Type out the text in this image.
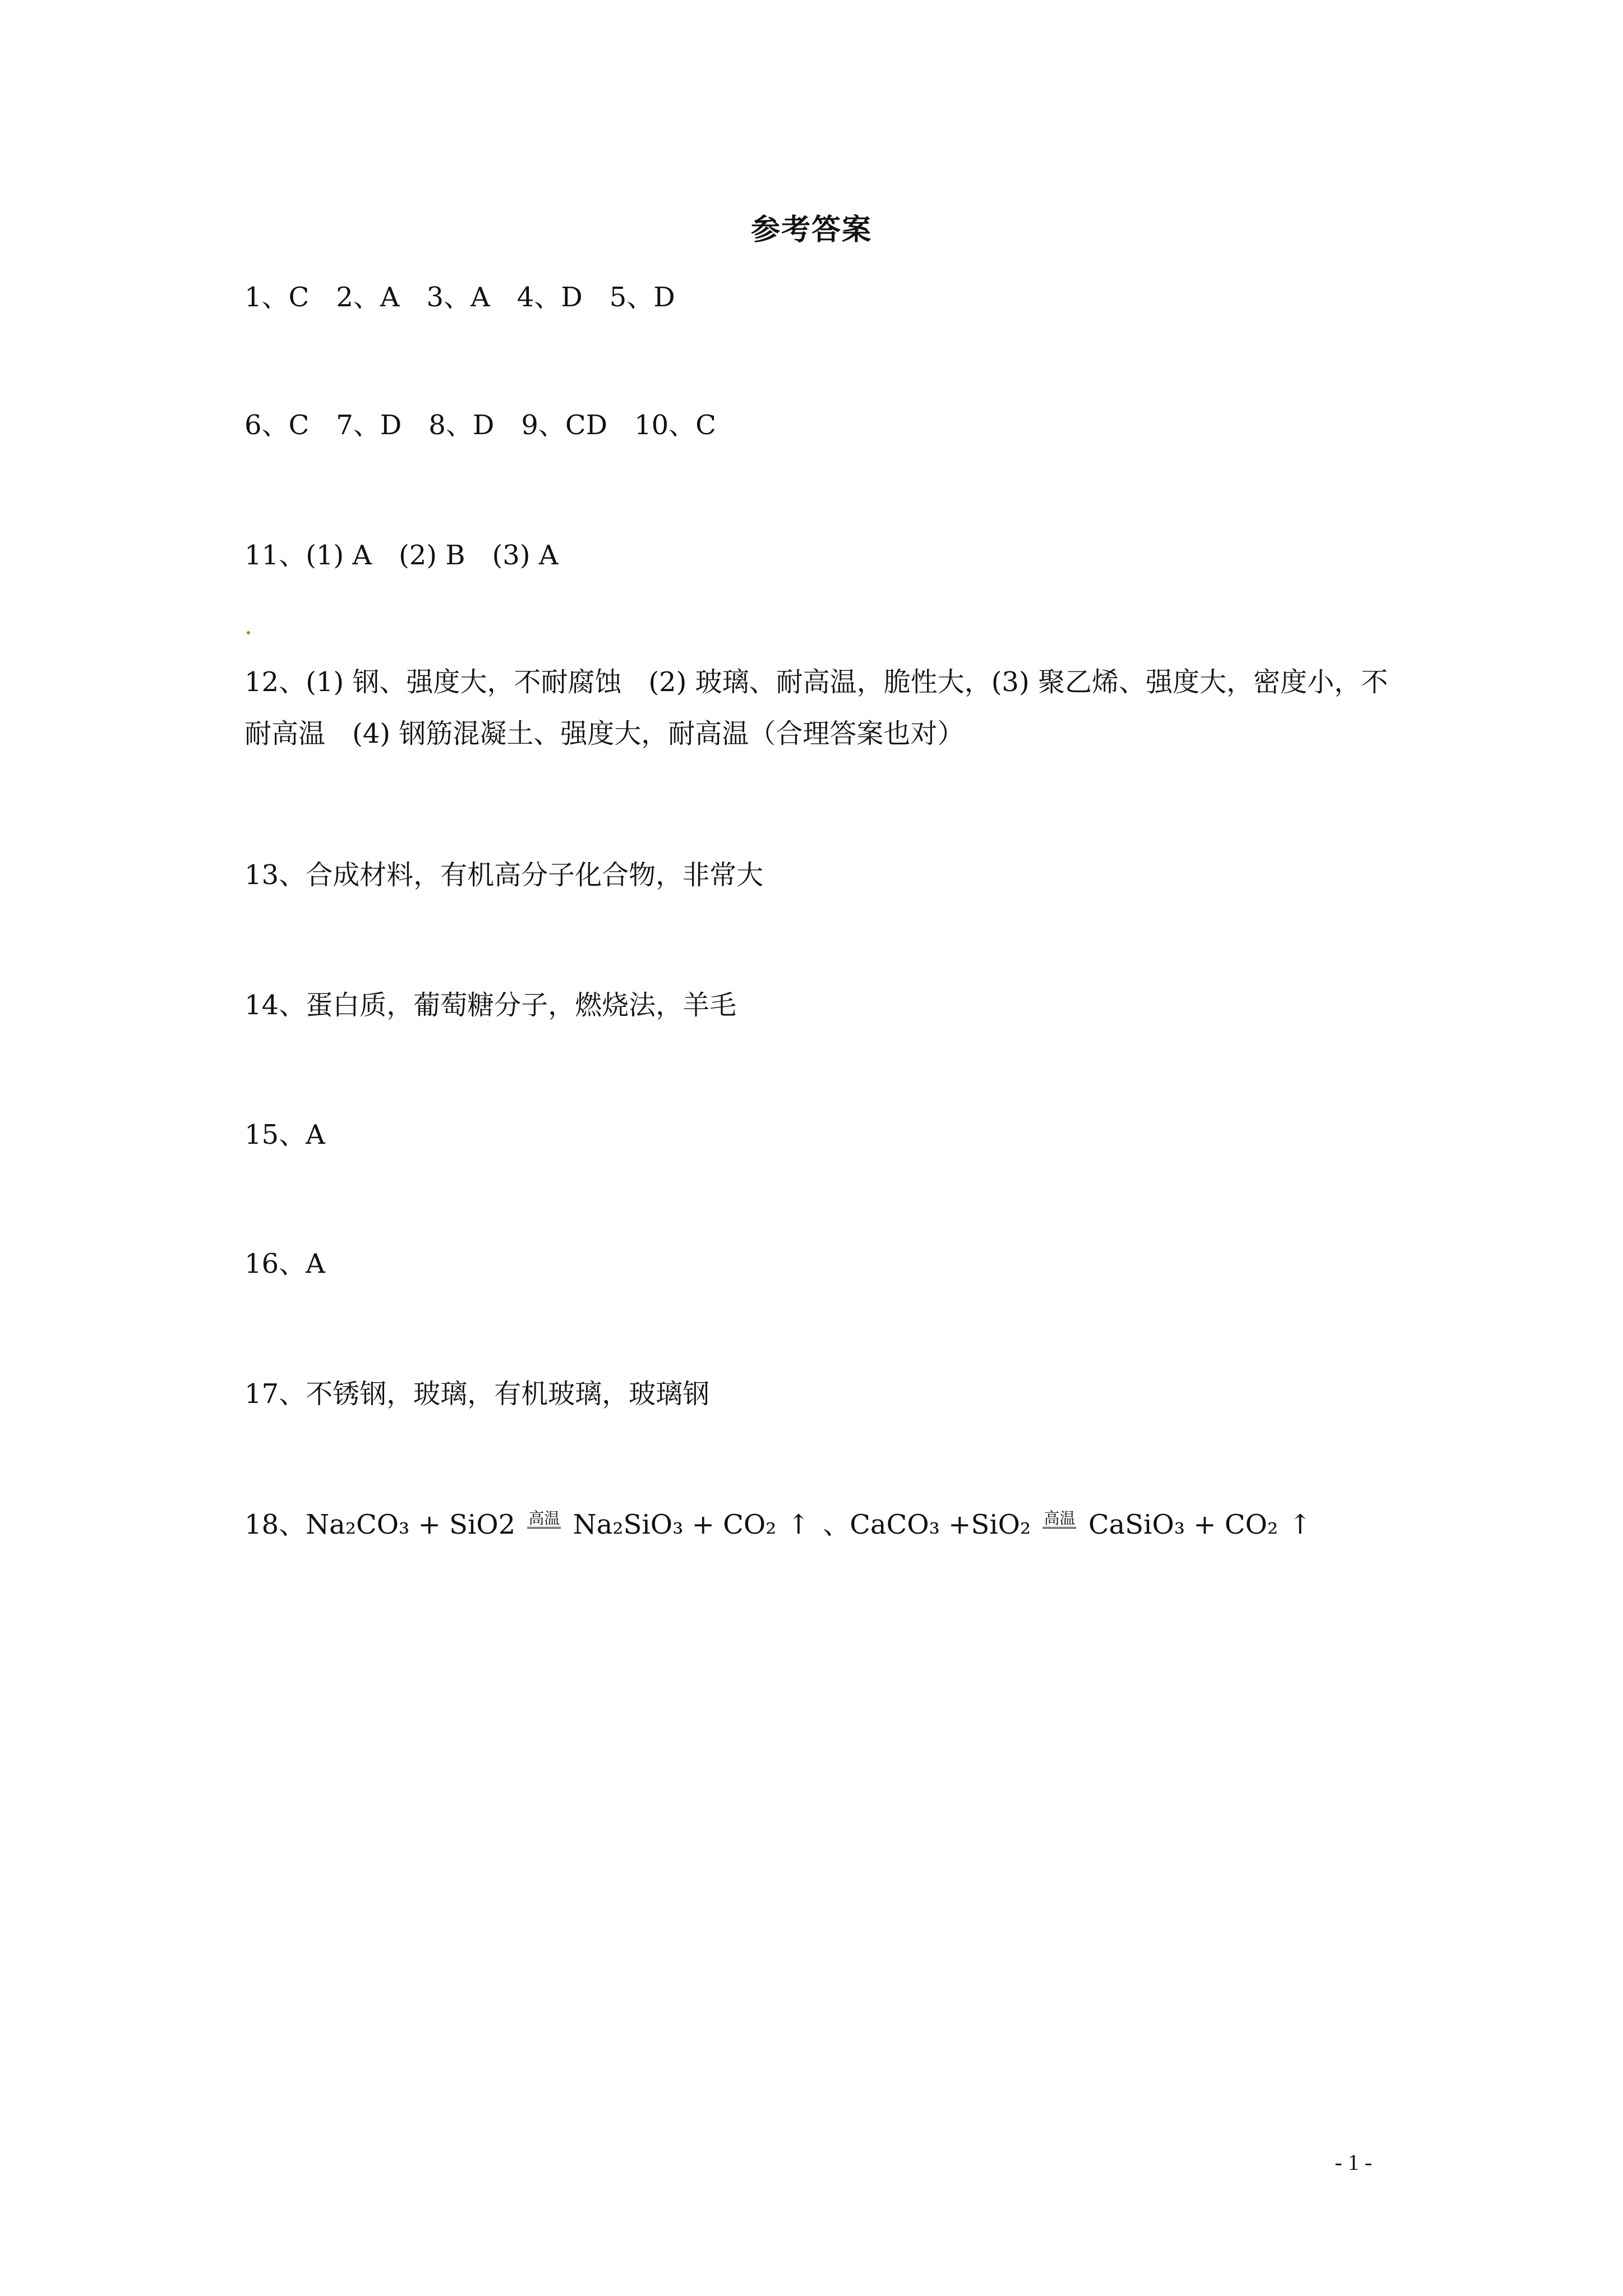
参考答案
1、C　2、A　3、A　4、D　5、D
6、C　7、D　8、D　9、CD　10、C
11、(1) A　(2) B　(3) A
12、(1) 钢、强度大，不耐腐蚀　(2) 玻璃、耐高温，脆性大，(3) 聚乙烯、强度大，密度小，不耐高温　(4) 钢筋混凝土、强度大，耐高温（合理答案也对）
13、合成材料，有机高分子化合物，非常大
14、蛋白质，葡萄糖分子，燃烧法，羊毛
15、A
16、A
17、不锈钢，玻璃，有机玻璃，玻璃钢
18、Na₂CO₃ + SiO2 高温 Na₂SiO₃ + CO₂ ↑ 、CaCO₃ +SiO₂ 高温 CaSiO₃ + CO₂ ↑
- 1 -
